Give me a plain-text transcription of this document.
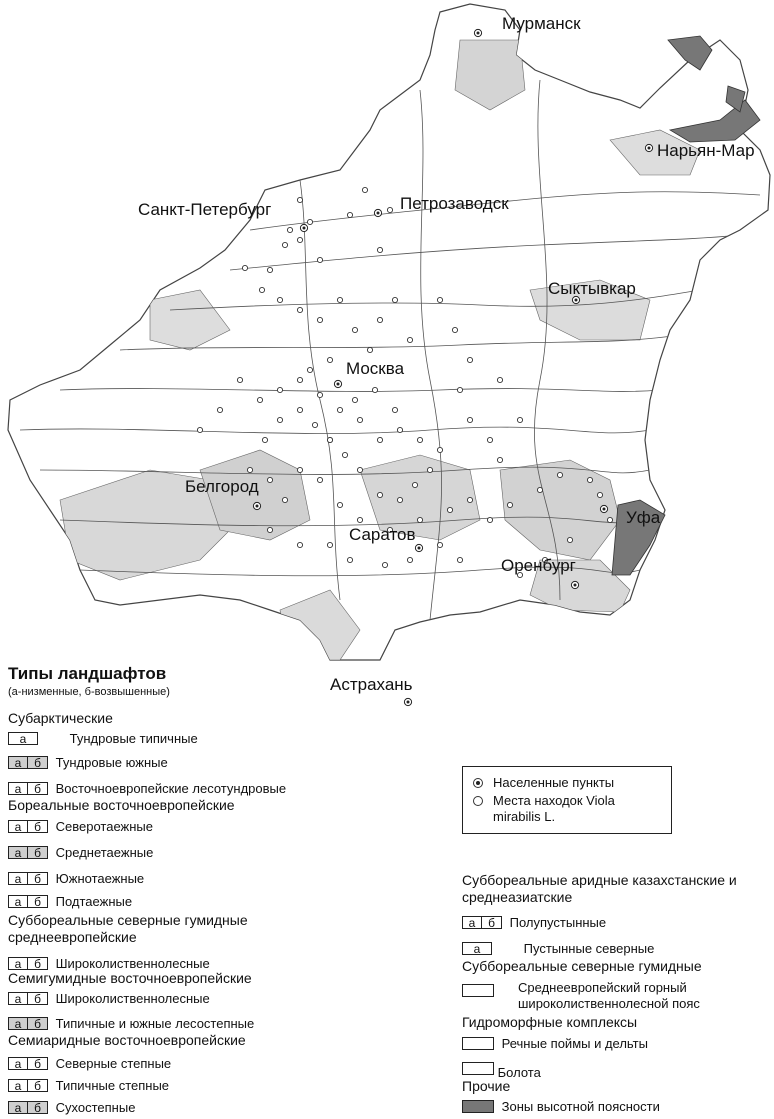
Мурманск
Нарьян-Мар
Санкт-Петербург	Петрозаводск
Сыктывкар
Москва
Белгород
Уфа
Саратов
Оренбург
Астрахань
Типы ландшафтов
(а-низменные, б-возвышенные)
Субарктические
а	Тундровые типичные
а	б	Тундровые южные
а	б	Восточноевропейские лесотундровые
Бореальные восточноевропейские
а	б	Северотаежные
а	б	Среднетаежные
а	б	Южнотаежные
а	б	Подтаежные
Суббореальные северные гумидные среднеевропейские
а	б	Широколиственнолесные
Семигумидные восточноевропейские
а	б	Широколиственнолесные
а	б	Типичные и южные лесостепные
Семиаридные восточноевропейские
а	б	Северные степные
а	б	Типичные степные
а	б	Сухостепные
Населенные пункты
Места находок Viola mirabilis L.
Суббореальные аридные казахстанские и среднеазиатские
а	б	Полупустынные
а	Пустынные северные
Суббореальные северные гумидные

Среднеевропейский горный широколиственнолесной пояс
Гидроморфные комплексы

Речные поймы и дельты

Болота
Прочие

Зоны высотной поясности
